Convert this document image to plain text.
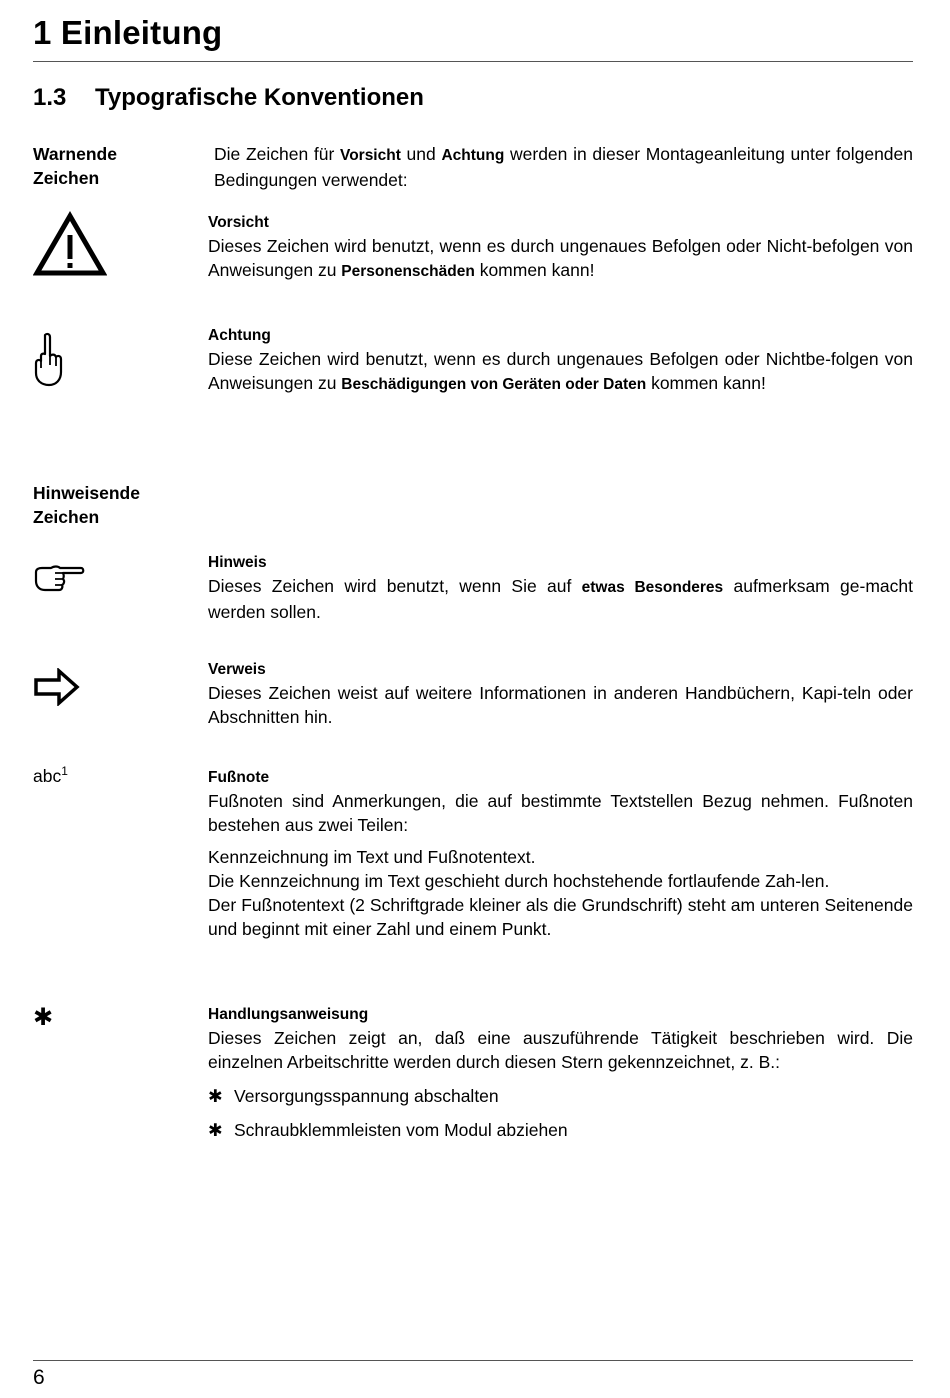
1 Einleitung
1.3 Typografische Konventionen
Warnende
Zeichen
Die Zeichen für Vorsicht und Achtung werden in dieser Montageanleitung unter folgenden Bedingungen verwendet:
Vorsicht
Dieses Zeichen wird benutzt, wenn es durch ungenaues Befolgen oder Nicht-befolgen von Anweisungen zu Personenschäden kommen kann!
Achtung
Diese Zeichen wird benutzt, wenn es durch ungenaues Befolgen oder Nichtbe-folgen von Anweisungen zu Beschädigungen von Geräten oder Daten kommen kann!
Hinweisende
Zeichen
Hinweis
Dieses Zeichen wird benutzt, wenn Sie auf etwas Besonderes aufmerksam ge-macht werden sollen.
Verweis
Dieses Zeichen weist auf weitere Informationen in anderen Handbüchern, Kapi-teln oder Abschnitten hin.
abc$^1$	Fußnote
Fußnoten sind Anmerkungen, die auf bestimmte Textstellen Bezug nehmen. Fußnoten bestehen aus zwei Teilen:
Kennzeichnung im Text und Fußnotentext.
Die Kennzeichnung im Text geschieht durch hochstehende fortlaufende Zah-len.
Der Fußnotentext (2 Schriftgrade kleiner als die Grundschrift) steht am unteren Seitenende und beginnt mit einer Zahl und einem Punkt.
✱	Handlungsanweisung
Dieses Zeichen zeigt an, daß eine auszuführende Tätigkeit beschrieben wird. Die einzelnen Arbeitschritte werden durch diesen Stern gekennzeichnet, z. B.:
✱ Versorgungsspannung abschalten
✱ Schraubklemmleisten vom Modul abziehen
6
